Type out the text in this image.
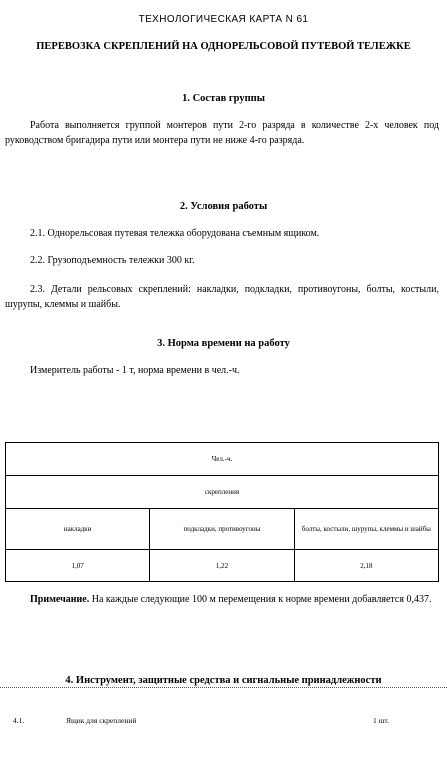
ТЕХНОЛОГИЧЕСКАЯ КАРТА N 61
ПЕРЕВОЗКА СКРЕПЛЕНИЙ НА ОДНОРЕЛЬСОВОЙ ПУТЕВОЙ ТЕЛЕЖКЕ
1. Состав группы
Работа выполняется группой монтеров пути 2-го разряда в количестве 2-х человек под руководством бригадира пути или монтера пути не ниже 4-го разряда.
2. Условия работы
2.1. Однорельсовая путевая тележка оборудована съемным ящиком.
2.2. Грузоподъемность тележки 300 кг.
2.3. Детали рельсовых скреплений: накладки, подкладки, противоугоны, болты, костыли, шурупы, клеммы и шайбы.
3. Норма времени на работу
Измеритель работы - 1 т, норма времени в чел.-ч.
Чел.-ч.		
скрепления		
накладки	подкладки, противоугоны	болты, костыли, шурупы, клеммы и шайбы
1,07	1,22	2,18
Примечание. На каждые следующие 100 м перемещения к норме времени добавляется 0,437.
4. Инструмент, защитные средства и сигнальные принадлежности
4.1.	Ящик для скреплений	1 шт.
